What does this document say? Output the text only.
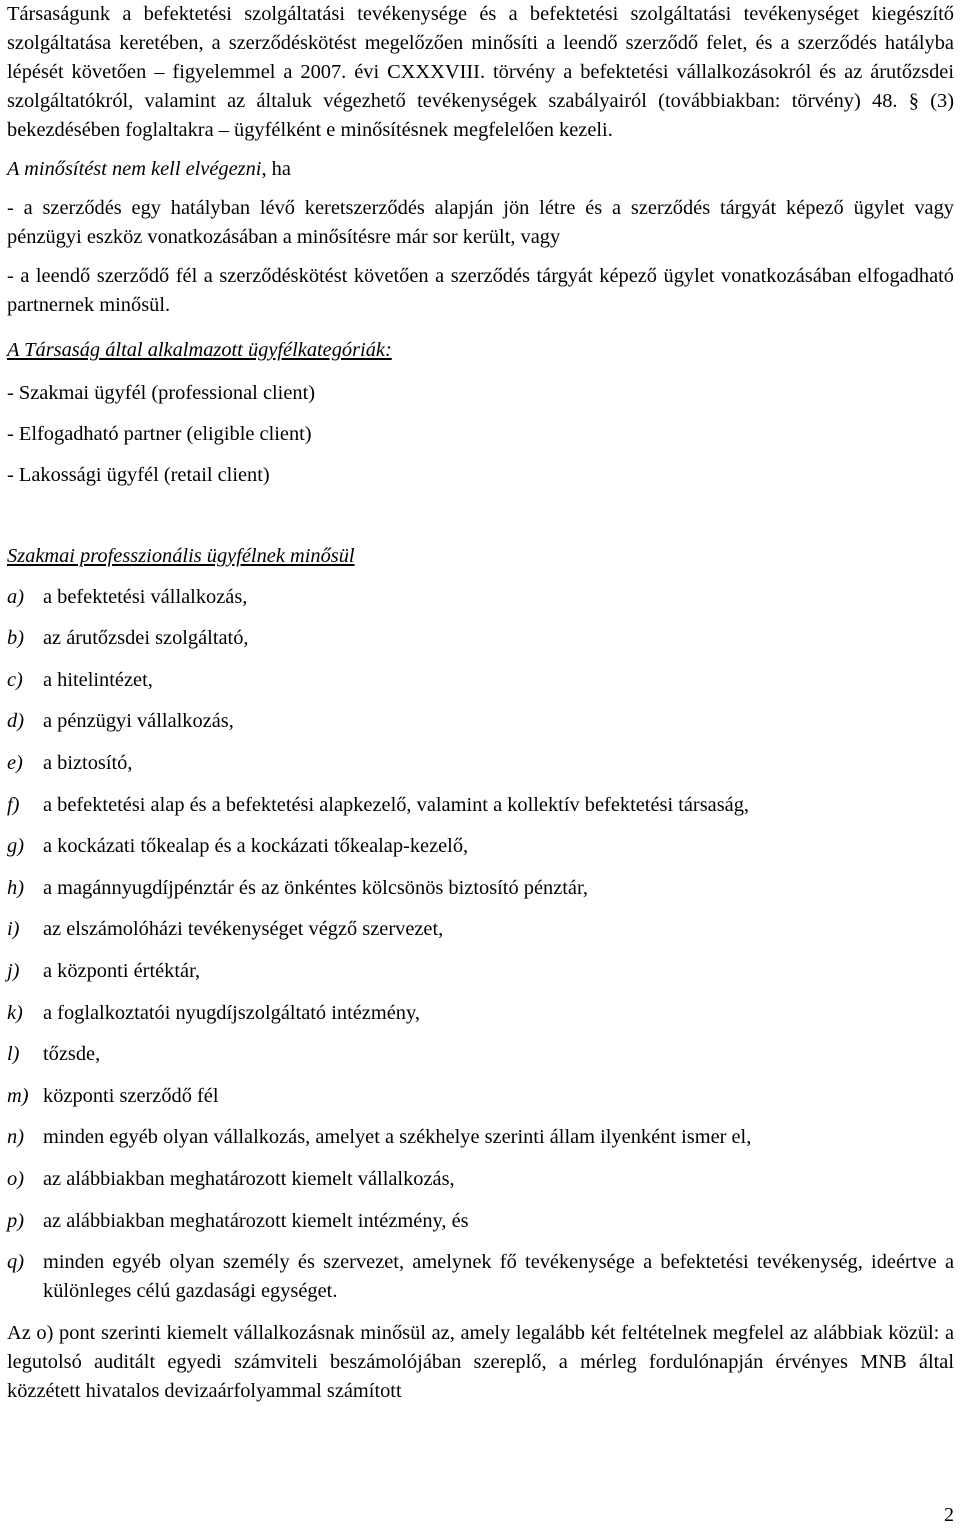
Társaságunk a befektetési szolgáltatási tevékenysége és a befektetési szolgáltatási tevékenységet kiegészítő szolgáltatása keretében, a szerződéskötést megelőzően minősíti a leendő szerződő felet, és a szerződés hatályba lépését követően – figyelemmel a 2007. évi CXXXVIII. törvény a befektetési vállalkozásokról és az árutőzsdei szolgáltatókról, valamint az általuk végezhető tevékenységek szabályairól (továbbiakban: törvény) 48. § (3) bekezdésében foglaltakra – ügyfélként e minősítésnek megfelelően kezeli.

A minősítést nem kell elvégezni, ha

- a szerződés egy hatályban lévő keretszerződés alapján jön létre és a szerződés tárgyát képező ügylet vagy pénzügyi eszköz vonatkozásában a minősítésre már sor került, vagy

- a leendő szerződő fél a szerződéskötést követően a szerződés tárgyát képező ügylet vonatkozásában elfogadható partnernek minősül.

A Társaság által alkalmazott ügyfélkategóriák:

- Szakmai ügyfél (professional client)

- Elfogadható partner (eligible client)

- Lakossági ügyfél (retail client)

Szakmai professzionális ügyfélnek minősül

a) a befektetési vállalkozás,
b) az árutőzsdei szolgáltató,
c) a hitelintézet,
d) a pénzügyi vállalkozás,
e) a biztosító,
f)	a befektetési alap és a befektetési alapkezelő, valamint a kollektív befektetési társaság,
g) a kockázati tőkealap és a kockázati tőkealap-kezelő,
h) a magánnyugdíjpénztár és az önkéntes kölcsönös biztosító pénztár,
i)	az elszámolóházi tevékenységet végző szervezet,
j)	a központi értéktár,
k) a foglalkoztatói nyugdíjszolgáltató intézmény,
l)	tőzsde,
m) központi szerződő fél
n) minden egyéb olyan vállalkozás, amelyet a székhelye szerinti állam ilyenként ismer el,
o) az alábbiakban meghatározott kiemelt vállalkozás,
p) az alábbiakban meghatározott kiemelt intézmény, és
q) minden egyéb olyan személy és szervezet, amelynek fő tevékenysége a befektetési tevékenység, ideértve a különleges célú gazdasági egységet.

Az o) pont szerinti kiemelt vállalkozásnak minősül az, amely legalább két feltételnek megfelel az alábbiak közül: a legutolsó auditált egyedi számviteli beszámolójában szereplő, a mérleg fordulónapján érvényes MNB által közzétett hivatalos devizaárfolyammal számított

2
